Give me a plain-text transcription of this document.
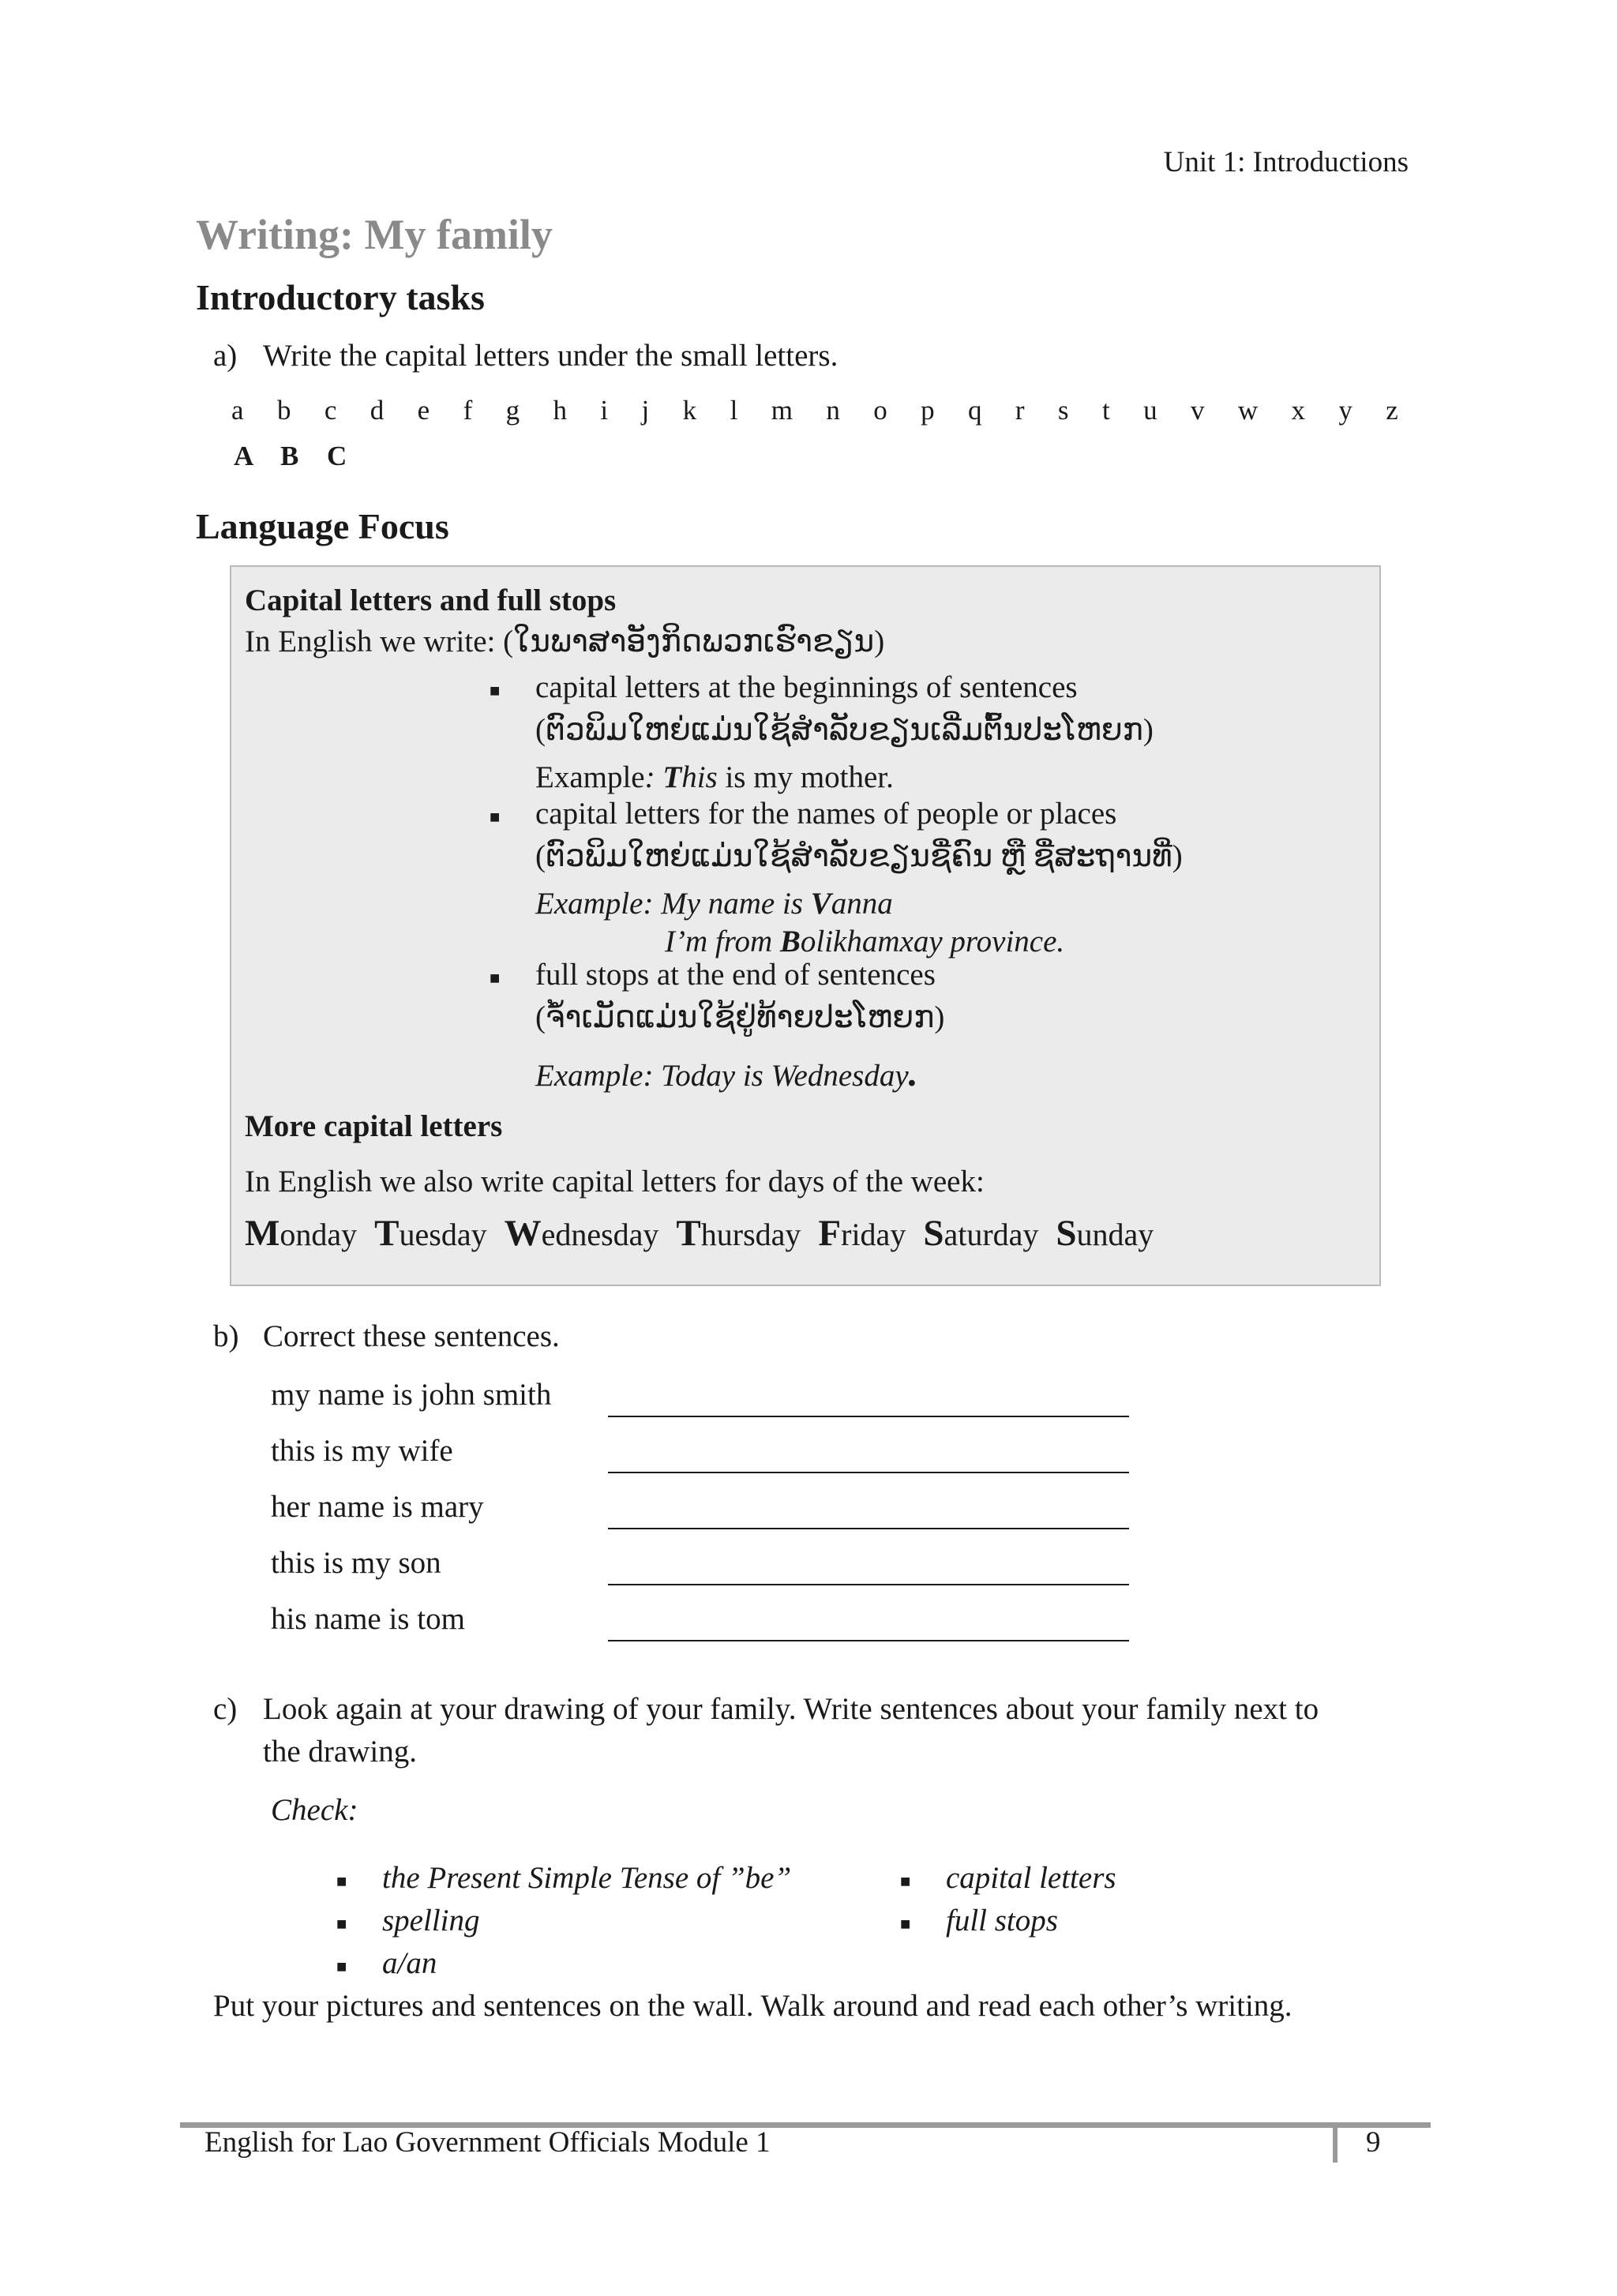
Unit 1: Introductions
Writing: My family
Introductory tasks
a) Write the capital letters under the small letters.
a b c d e f g h i j k l m n o p q r s t u v w x y z
A B	C
Language Focus
Capital letters and full stops
In English we write: (ໃນພາສາອັງກິດພວກເຮົາຂຽນ)
■ capital letters at the beginnings of sentences
(ຕົວພິມໃຫຍ່ແມ່ນໃຊ້ສຳລັບຂຽນເລີ່ມຕົ້ນປະໂຫຍກ)
Example: This is my mother.
■ capital letters for the names of people or places
(ຕົວພິມໃຫຍ່ແມ່ນໃຊ້ສຳລັບຂຽນຊື່ຄົນ ຫຼື ຊື່ສະຖານທີ່)
Example: My name is Vanna
I’m from Bolikhamxay province.
■ full stops at the end of sentences
(ຈ້ຳເມັດແມ່ນໃຊ້ຢູ່ທ້າຍປະໂຫຍກ)
Example: Today is Wednesday.
More capital letters
In English we also write capital letters for days of the week:
Monday Tuesday Wednesday Thursday Friday Saturday Sunday
b) Correct these sentences.
my name is john smith
this is my wife
her name is mary
this is my son
his name is tom
c) Look again at your drawing of your family. Write sentences about your family next to
the drawing.
Check:
■ the Present Simple Tense of ”be”
■ spelling
■ a/an
■ capital letters
■ full stops
Put your pictures and sentences on the wall. Walk around and read each other’s writing.
English for Lao Government Officials Module 1	9
